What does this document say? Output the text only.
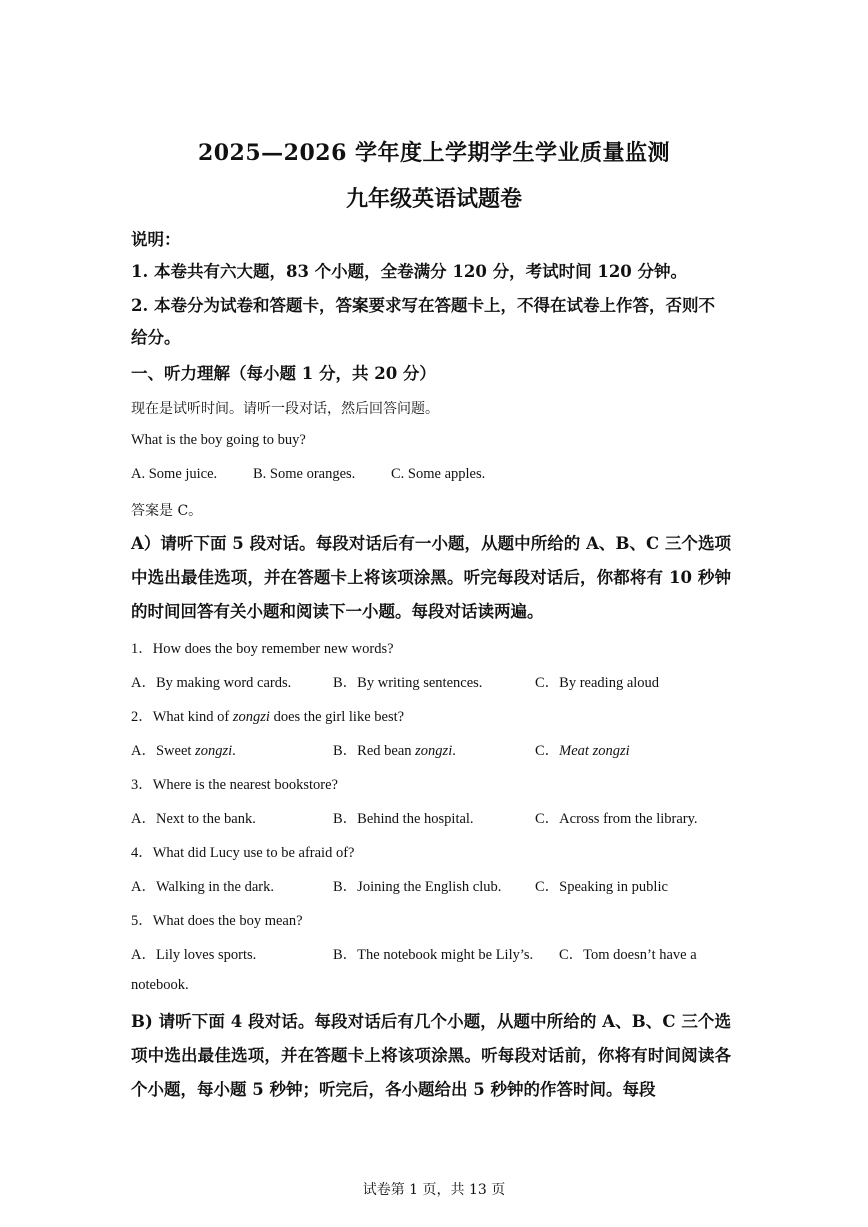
2025—2026 学年度上学期学生学业质量监测
九年级英语试题卷
说明：
1. 本卷共有六大题，83 个小题，全卷满分 120 分，考试时间 120 分钟。
2. 本卷分为试卷和答题卡，答案要求写在答题卡上，不得在试卷上作答，否则不给分。
一、听力理解（每小题 1 分，共 20 分）
现在是试听时间。请听一段对话，然后回答问题。
What is the boy going to buy?
A. Some juice. B. Some oranges. C. Some apples.
答案是 C。
A）请听下面 5 段对话。每段对话后有一小题，从题中所给的 A、B、C 三个选项中选出最佳选项，并在答题卡上将该项涂黑。听完每段对话后，你都将有 10 秒钟的时间回答有关小题和阅读下一小题。每段对话读两遍。
1．How does the boy remember new words?
A．By making word cards.	B．By writing sentences.	C．By reading aloud
2．What kind of zongzi does the girl like best?
A．Sweet zongzi.	B．Red bean zongzi.	C．Meat zongzi
3．Where is the nearest bookstore?
A．Next to the bank.	B．Behind the hospital.	C．Across from the library.
4．What did Lucy use to be afraid of?
A．Walking in the dark.	B．Joining the English club. C．Speaking in public
5．What does the boy mean?
A．Lily loves sports.	B．The notebook might be Lily’s. C．Tom doesn’t have a
notebook.
B) 请听下面 4 段对话。每段对话后有几个小题，从题中所给的 A、B、C 三个选项中选出最佳选项，并在答题卡上将该项涂黑。听每段对话前，你将有时间阅读各个小题，每小题 5 秒钟；听完后，各小题给出 5 秒钟的作答时间。每段
试卷第 1 页，共 13 页
